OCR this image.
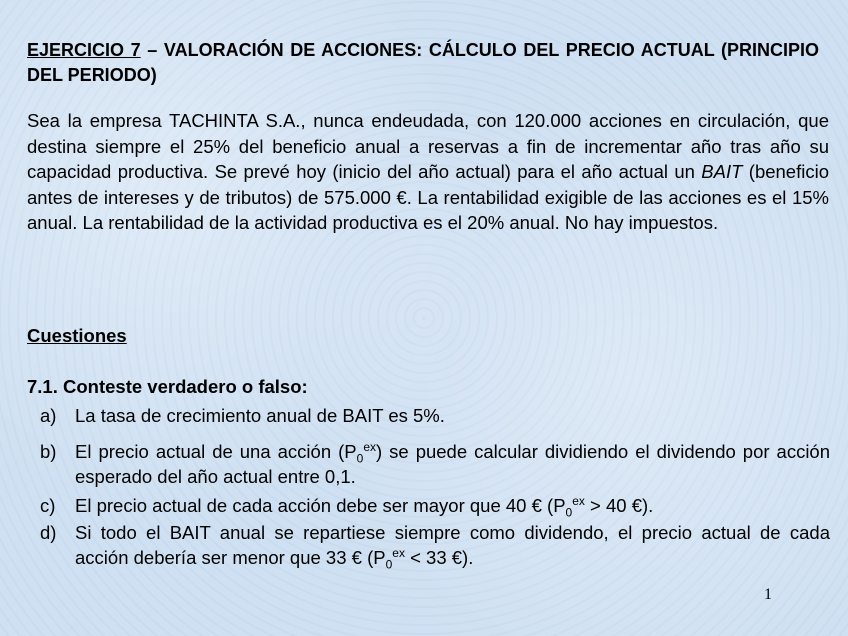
EJERCICIO 7 – VALORACIÓN DE ACCIONES: CÁLCULO DEL PRECIO ACTUAL (PRINCIPIO DEL PERIODO)
Sea la empresa TACHINTA S.A., nunca endeudada, con 120.000 acciones en circulación, que destina siempre el 25% del beneficio anual a reservas a fin de incrementar año tras año su capacidad productiva. Se prevé hoy (inicio del año actual) para el año actual un BAIT (beneficio antes de intereses y de tributos) de 575.000 €. La rentabilidad exigible de las acciones es el 15% anual. La rentabilidad de la actividad productiva es el 20% anual. No hay impuestos.
Cuestiones
7.1. Conteste verdadero o falso:
a) La tasa de crecimiento anual de BAIT es 5%.
b) El precio actual de una acción $(P_0^{ex})$ se puede calcular dividiendo el dividendo por acción esperado del año actual entre 0,1.
c) El precio actual de cada acción debe ser mayor que 40 € ($P_0^{ex} > 40$ €).
d) Si todo el BAIT anual se repartiese siempre como dividendo, el precio actual de cada acción debería ser menor que 33 € ($P_0^{ex} < 33$ €).
1
